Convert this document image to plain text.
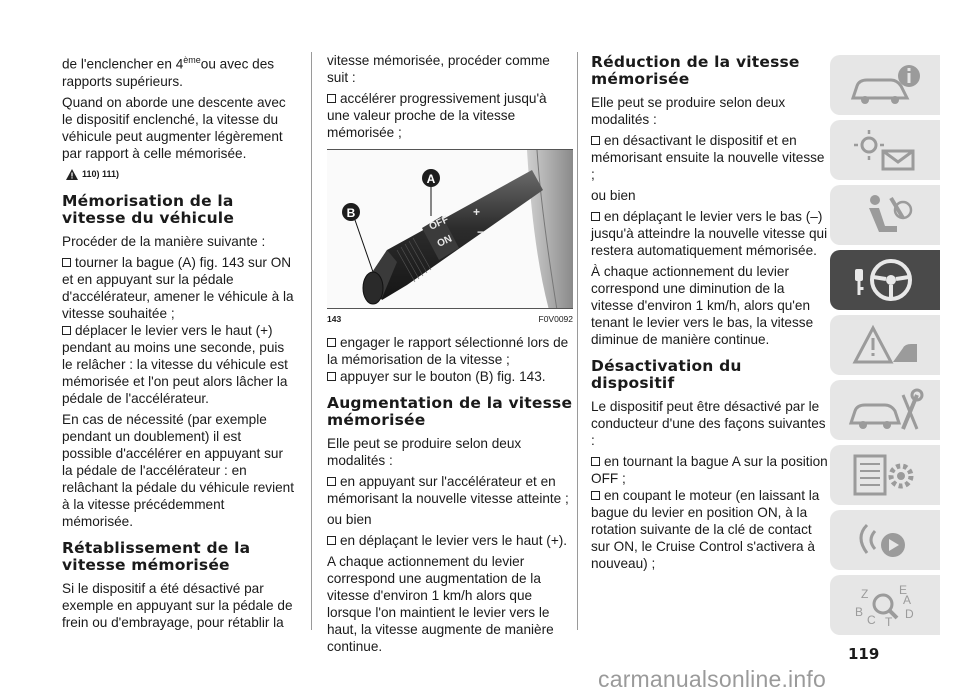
de l'enclencher en 4èmeou avec des rapports supérieurs.

Quand on aborde une descente avec le dispositif enclenché, la vitesse du véhicule peut augmenter légèrement par rapport à celle mémorisée.

110) 111)
Mémorisation de la vitesse du véhicule

Procéder de la manière suivante :

tourner la bague (A) fig. 143 sur ON et en appuyant sur la pédale d'accélérateur, amener le véhicule à la vitesse souhaitée ;

déplacer le levier vers le haut (+) pendant au moins une seconde, puis le relâcher : la vitesse du véhicule est mémorisée et l'on peut alors lâcher la pédale de l'accélérateur.

En cas de nécessité (par exemple pendant un doublement) il est possible d'accélérer en appuyant sur la pédale de l'accélérateur : en relâchant la pédale du véhicule revient à la vitesse précédemment mémorisée.

Rétablissement de la vitesse mémorisée

Si le dispositif a été désactivé par exemple en appuyant sur la pédale de frein ou d'embrayage, pour rétablir la

vitesse mémorisée, procéder comme suit :

accélérer progressivement jusqu'à une valeur proche de la vitesse mémorisée ;

OFF
ON
+
−
A
B
143	F0V0092

engager le rapport sélectionné lors de la mémorisation de la vitesse ;

appuyer sur le bouton (B) fig. 143.

Augmentation de la vitesse mémorisée

Elle peut se produire selon deux modalités :

en appuyant sur l'accélérateur et en mémorisant la nouvelle vitesse atteinte ;

ou bien

en déplaçant le levier vers le haut (+).

A chaque actionnement du levier correspond une augmentation de la vitesse d'environ 1 km/h alors que lorsque l'on maintient le levier vers le haut, la vitesse augmente de manière continue.

Réduction de la vitesse mémorisée

Elle peut se produire selon deux modalités :

en désactivant le dispositif et en mémorisant ensuite la nouvelle vitesse ;

ou bien

en déplaçant le levier vers le bas (–) jusqu'à atteindre la nouvelle vitesse qui restera automatiquement mémorisée.

À chaque actionnement du levier correspond une diminution de la vitesse d'environ 1 km/h, alors qu'en tenant le levier vers le bas, la vitesse diminue de manière continue.

Désactivation du dispositif

Le dispositif peut être désactivé par le conducteur d'une des façons suivantes :

en tournant la bague A sur la position OFF ;

en coupant le moteur (en laissant la bague du levier en position ON, à la rotation suivante de la clé de contact sur ON, le Cruise Control s'activera à nouveau) ;

Z	E
B
C T
D
A
119
carmanualsonline.info
